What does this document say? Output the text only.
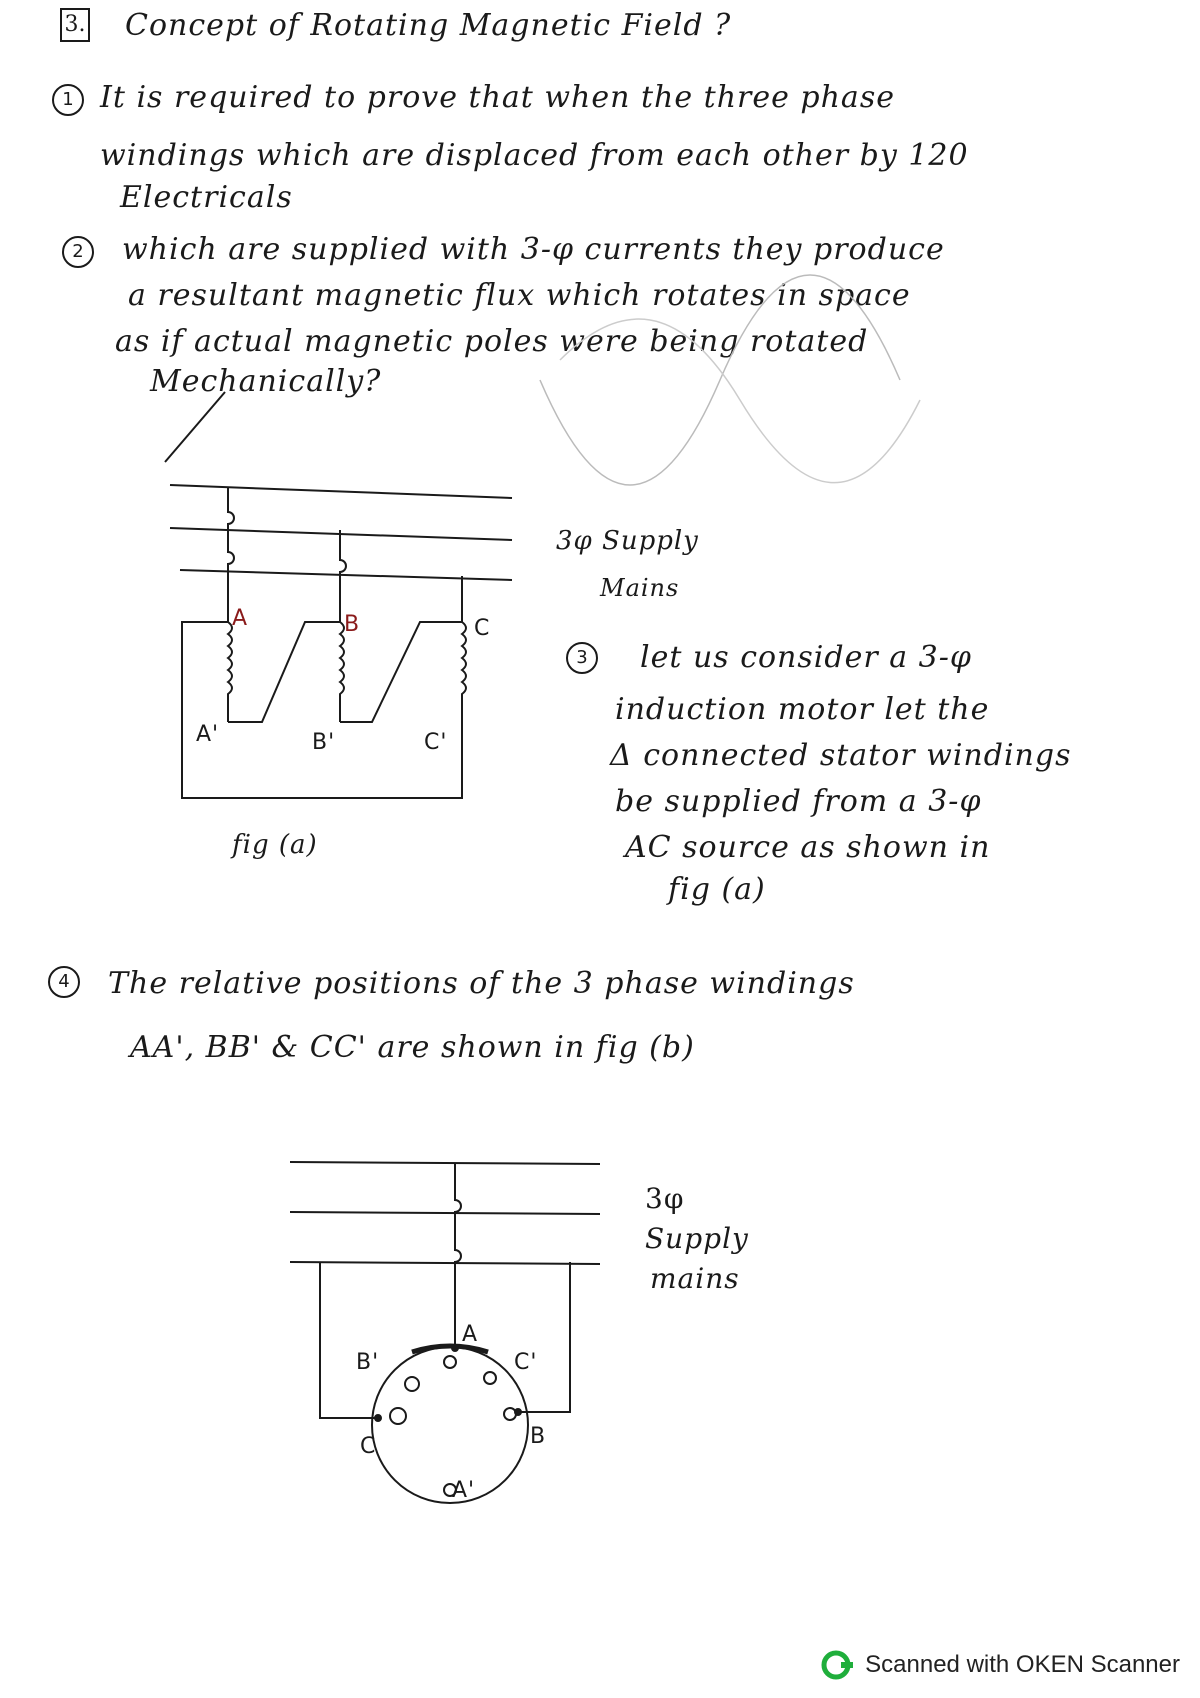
3. Concept of Rotating Magnetic Field ?
1 It is required to prove that when the three phase
windings which are displaced from each other by 120
Electricals
2	which are supplied with 3-φ currents they produce
a resultant magnetic flux which rotates in space
as if actual magnetic poles were being rotated
Mechanically?
3	let us consider a 3-φ
induction motor let the
Δ connected stator windings
be supplied from a 3-φ
AC source as shown in
fig (a)
4	The relative positions of the 3 phase windings
AA', BB' & CC' are shown in fig (b)
A	B	C
A'	B'	C'
3φ Supply
Mains
fig (a)
3φ
Supply
mains
A
B
C
A'
B'	C'
Scanned with OKEN Scanner
